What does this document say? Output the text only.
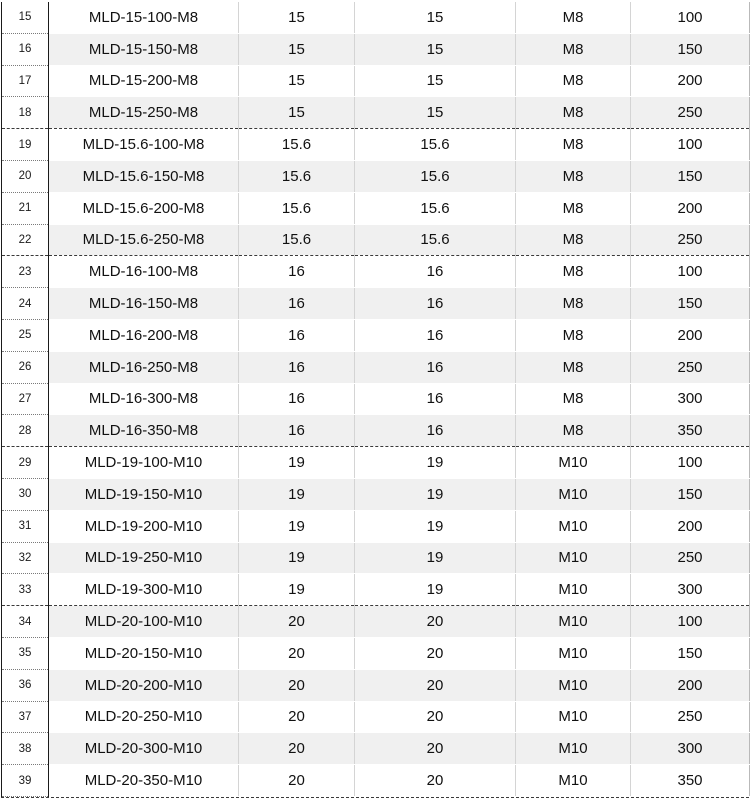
15	MLD-15-100-M8	15	15	M8	100
16	MLD-15-150-M8	15	15	M8	150
17	MLD-15-200-M8	15	15	M8	200
18	MLD-15-250-M8	15	15	M8	250
19	MLD-15.6-100-M8	15.6	15.6	M8	100
20	MLD-15.6-150-M8	15.6	15.6	M8	150
21	MLD-15.6-200-M8	15.6	15.6	M8	200
22	MLD-15.6-250-M8	15.6	15.6	M8	250
23	MLD-16-100-M8	16	16	M8	100
24	MLD-16-150-M8	16	16	M8	150
25	MLD-16-200-M8	16	16	M8	200
26	MLD-16-250-M8	16	16	M8	250
27	MLD-16-300-M8	16	16	M8	300
28	MLD-16-350-M8	16	16	M8	350
29	MLD-19-100-M10	19	19	M10	100
30	MLD-19-150-M10	19	19	M10	150
31	MLD-19-200-M10	19	19	M10	200
32	MLD-19-250-M10	19	19	M10	250
33	MLD-19-300-M10	19	19	M10	300
34	MLD-20-100-M10	20	20	M10	100
35	MLD-20-150-M10	20	20	M10	150
36	MLD-20-200-M10	20	20	M10	200
37	MLD-20-250-M10	20	20	M10	250
38	MLD-20-300-M10	20	20	M10	300
39	MLD-20-350-M10	20	20	M10	350
